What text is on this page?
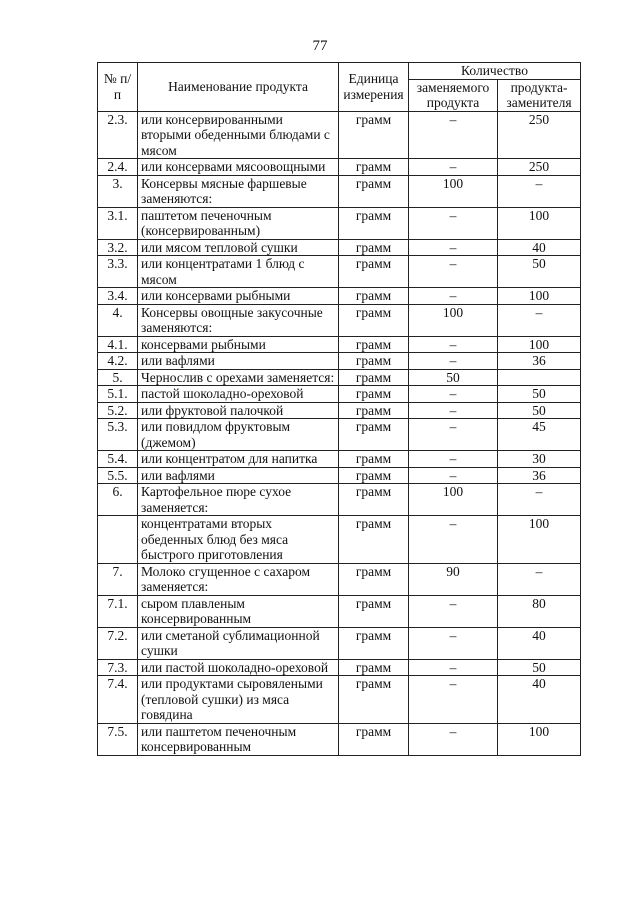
77
№ п/п	Наименование продукта	Единица измерения	Количество	
			заменяемого продукта	продукта-заменителя
2.3.	или консервированными вторыми обеденными блюдами с мясом	грамм	–	250
2.4.	или консервами мясоовощными	грамм	–	250
3.	Консервы мясные фаршевые заменяются:	грамм	100	–
3.1.	паштетом печеночным (консервированным)	грамм	–	100
3.2.	или мясом тепловой сушки	грамм	–	40
3.3.	или концентратами 1 блюд с мясом	грамм	–	50
3.4.	или консервами рыбными	грамм	–	100
4.	Консервы овощные закусочные заменяются:	грамм	100	–
4.1.	консервами рыбными	грамм	–	100
4.2.	или вафлями	грамм	–	36
5.	Чернослив с орехами заменяется:	грамм	50	
5.1.	пастой шоколадно-ореховой	грамм	–	50
5.2.	или фруктовой палочкой	грамм	–	50
5.3.	или повидлом фруктовым (джемом)	грамм	–	45
5.4.	или концентратом для напитка	грамм	–	30
5.5.	или вафлями	грамм	–	36
6.	Картофельное пюре сухое заменяется:	грамм	100	–
	концентратами вторых обеденных блюд без мяса быстрого приготовления	грамм	–	100
7.	Молоко сгущенное с сахаром заменяется:	грамм	90	–
7.1.	сыром плавленым консервированным	грамм	–	80
7.2.	или сметаной сублимационной сушки	грамм	–	40
7.3.	или пастой шоколадно-ореховой	грамм	–	50
7.4.	или продуктами сыровялеными (тепловой сушки) из мяса говядина	грамм	–	40
7.5.	или паштетом печеночным консервированным	грамм	–	100
